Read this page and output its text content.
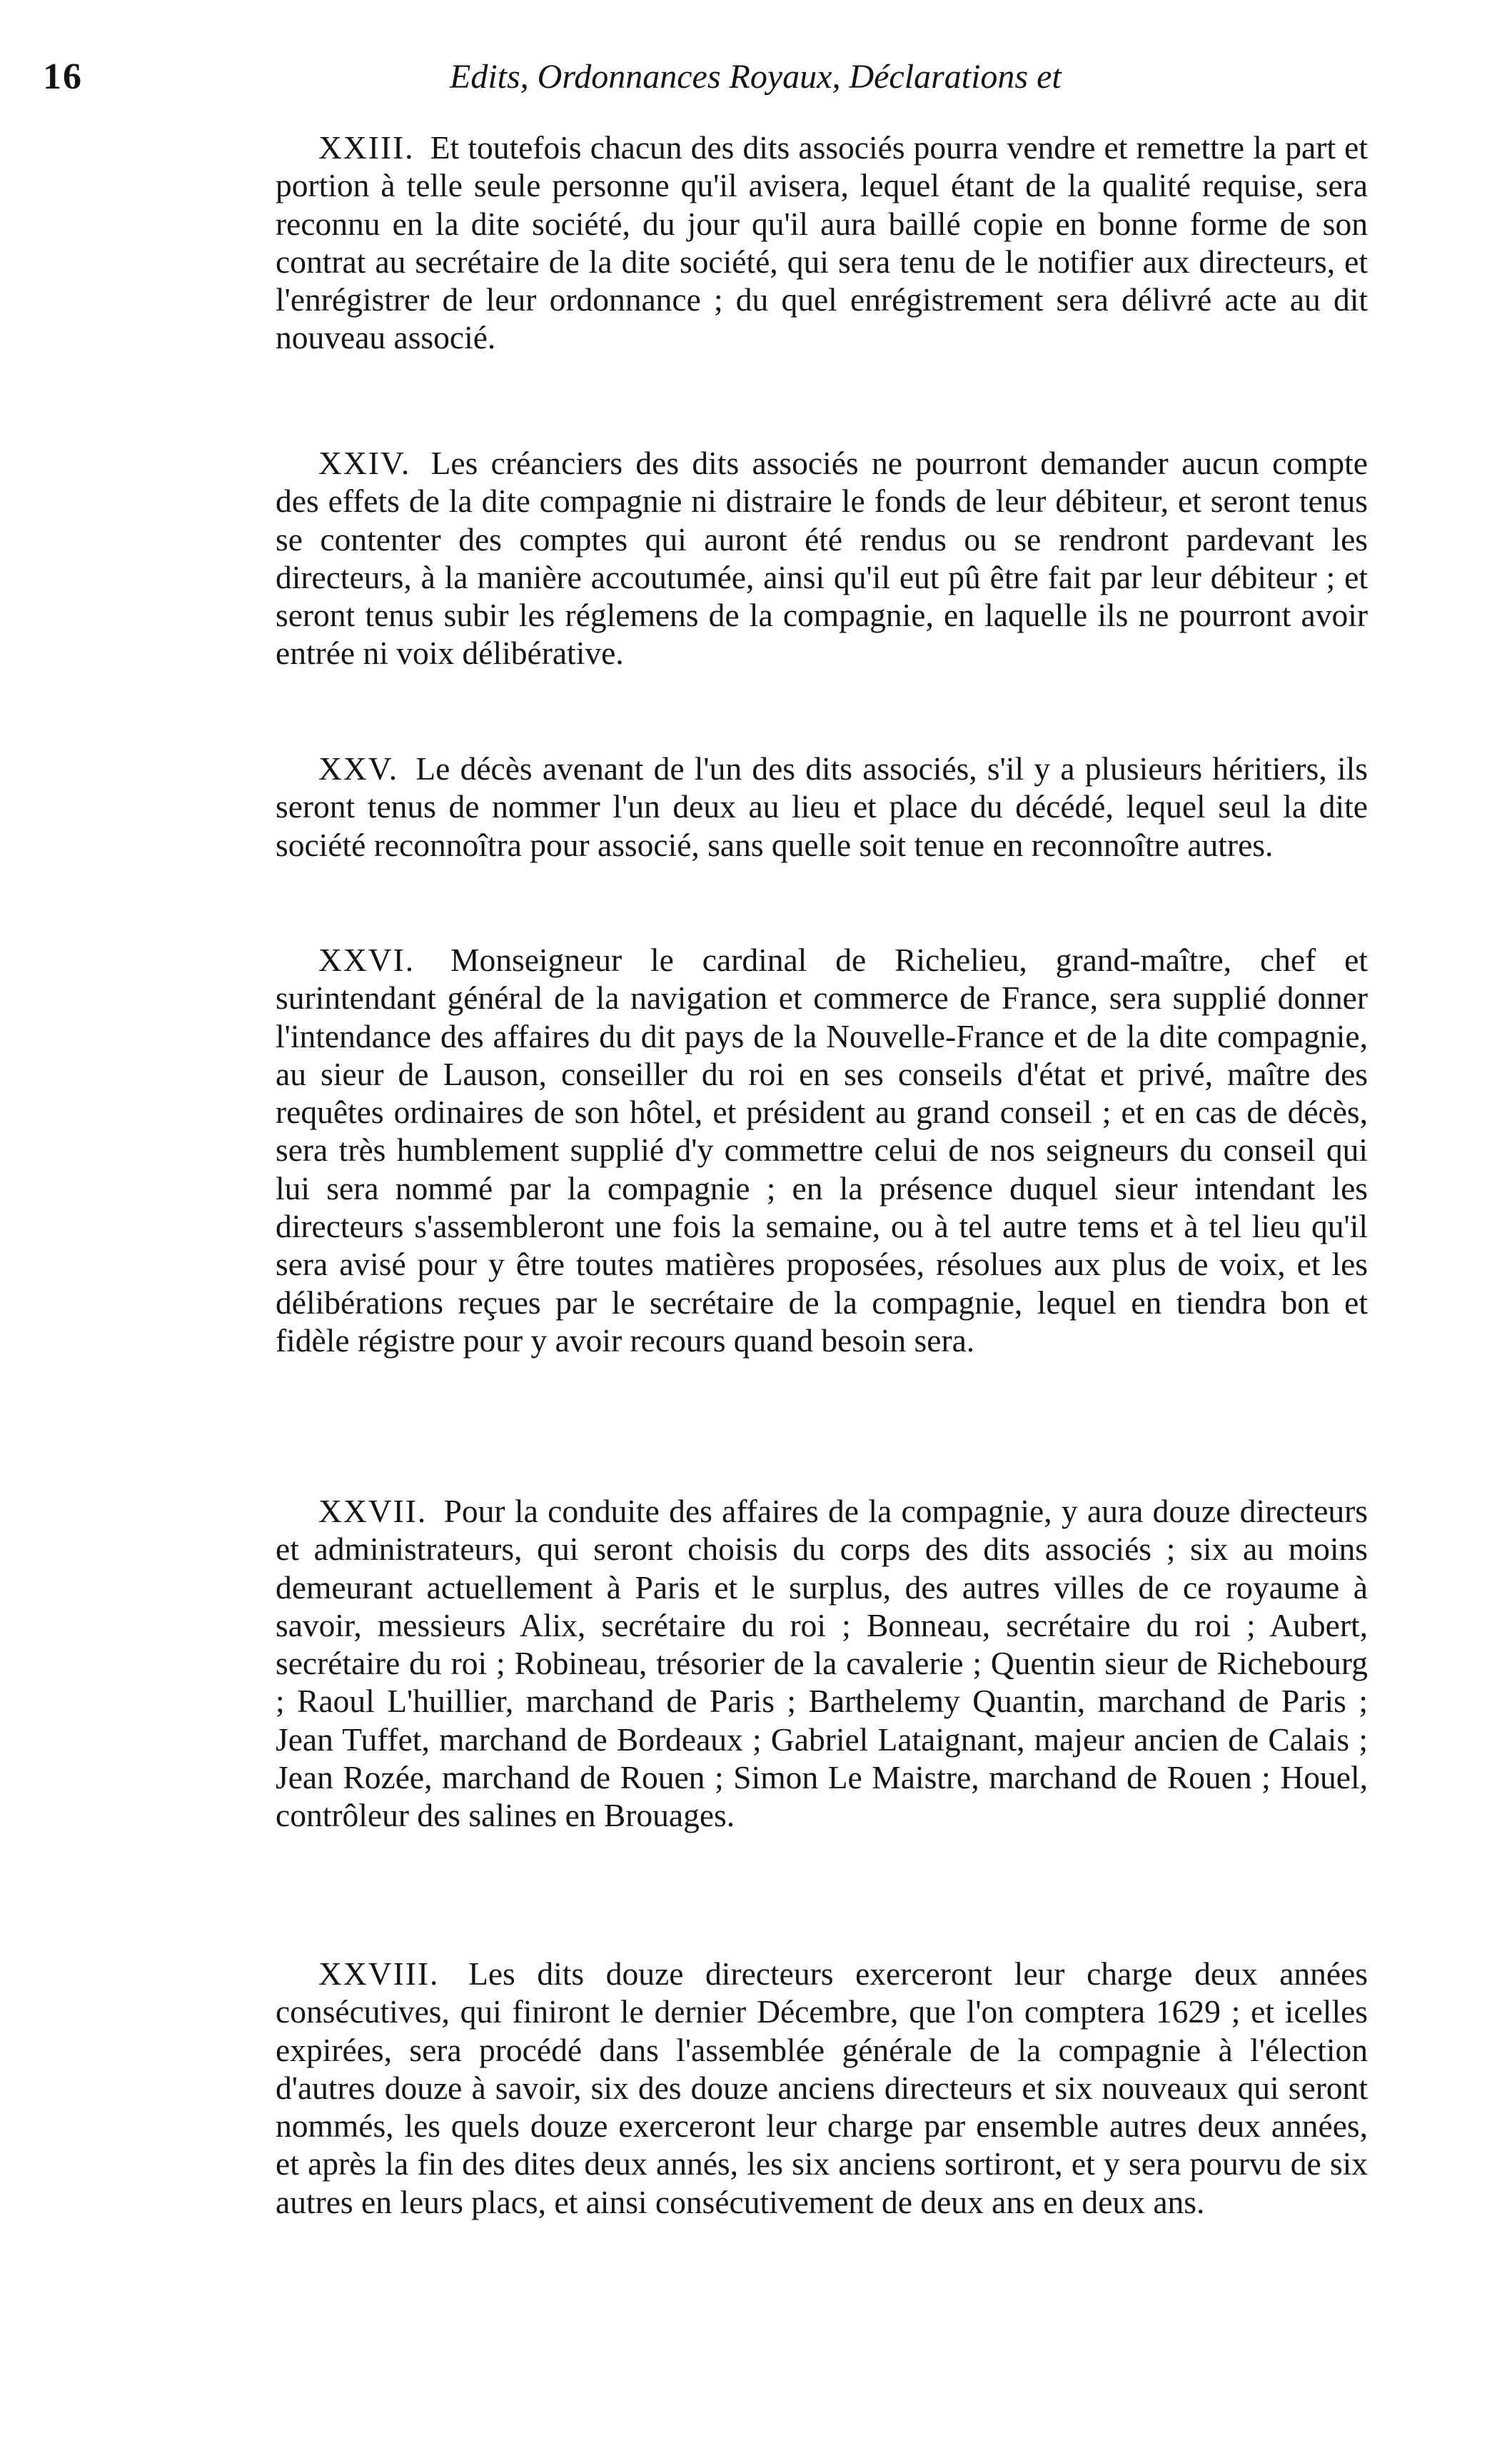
16	Edits, Ordonnances Royaux, Déclarations et

XXIII. Et toutefois chacun des dits associés pourra vendre et remettre la part et portion à telle seule personne qu'il avisera, lequel étant de la qualité requise, sera reconnu en la dite société, du jour qu'il aura baillé copie en bonne forme de son contrat au secrétaire de la dite société, qui sera tenu de le notifier aux directeurs, et l'enrégistrer de leur ordonnance ; du quel enrégistrement sera délivré acte au dit nouveau associé.

XXIV. Les créanciers des dits associés ne pourront demander aucun compte des effets de la dite compagnie ni distraire le fonds de leur débiteur, et seront tenus se contenter des comptes qui auront été rendus ou se rendront pardevant les directeurs, à la manière accoutumée, ainsi qu'il eut pû être fait par leur débiteur ; et seront tenus subir les réglemens de la compagnie, en laquelle ils ne pourront avoir entrée ni voix délibérative.

XXV. Le décès avenant de l'un des dits associés, s'il y a plusieurs héritiers, ils seront tenus de nommer l'un deux au lieu et place du décédé, lequel seul la dite société reconnoîtra pour associé, sans quelle soit tenue en reconnoître autres.

XXVI. Monseigneur le cardinal de Richelieu, grand-maître, chef et surintendant général de la navigation et commerce de France, sera supplié donner l'intendance des affaires du dit pays de la Nouvelle-France et de la dite compagnie, au sieur de Lauson, conseiller du roi en ses conseils d'état et privé, maître des requêtes ordinaires de son hôtel, et président au grand conseil ; et en cas de décès, sera très humblement supplié d'y commettre celui de nos seigneurs du conseil qui lui sera nommé par la compagnie ; en la présence duquel sieur intendant les directeurs s'assembleront une fois la semaine, ou à tel autre tems et à tel lieu qu'il sera avisé pour y être toutes matières proposées, résolues aux plus de voix, et les délibérations reçues par le secrétaire de la compagnie, lequel en tiendra bon et fidèle régistre pour y avoir recours quand besoin sera.

XXVII. Pour la conduite des affaires de la compagnie, y aura douze directeurs et administrateurs, qui seront choisis du corps des dits associés ; six au moins demeurant actuellement à Paris et le surplus, des autres villes de ce royaume à savoir, messieurs Alix, secrétaire du roi ; Bonneau, secrétaire du roi ; Aubert, secrétaire du roi ; Robineau, trésorier de la cavalerie ; Quentin sieur de Richebourg ; Raoul L'huillier, marchand de Paris ; Barthelemy Quantin, marchand de Paris ; Jean Tuffet, marchand de Bordeaux ; Gabriel Lataignant, majeur ancien de Calais ; Jean Rozée, marchand de Rouen ; Simon Le Maistre, marchand de Rouen ; Houel, contrôleur des salines en Brouages.

XXVIII. Les dits douze directeurs exerceront leur charge deux années consécutives, qui finiront le dernier Décembre, que l'on comptera 1629 ; et icelles expirées, sera procédé dans l'assemblée générale de la compagnie à l'élection d'autres douze à savoir, six des douze anciens directeurs et six nouveaux qui seront nommés, les quels douze exerceront leur charge par ensemble autres deux années, et après la fin des dites deux annés, les six anciens sortiront, et y sera pourvu de six autres en leurs placs, et ainsi consécutivement de deux ans en deux ans.
